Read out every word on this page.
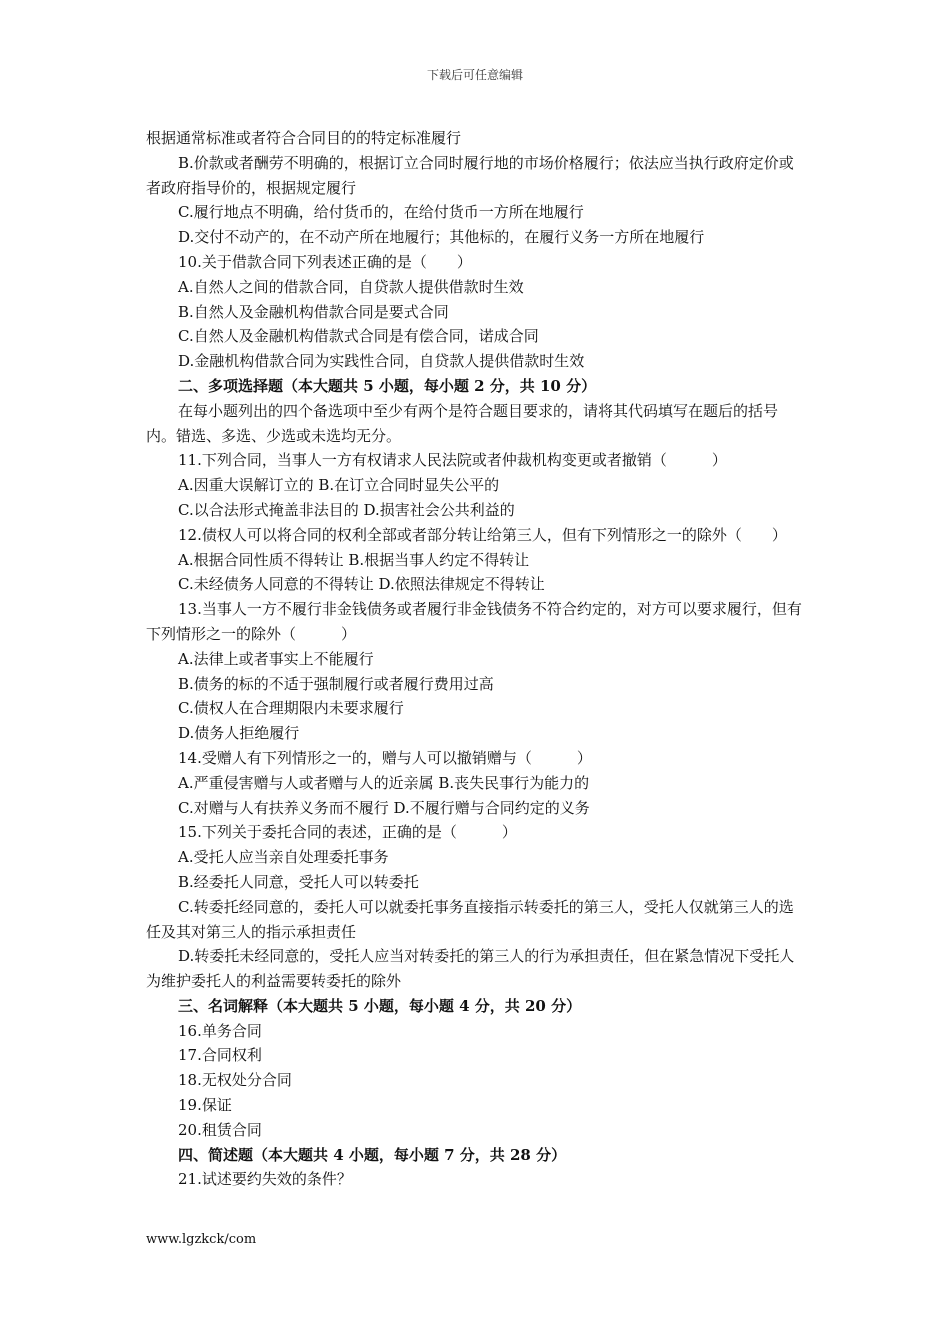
下载后可任意编辑

根据通常标准或者符合合同目的的特定标准履行

B.价款或者酬劳不明确的，根据订立合同时履行地的市场价格履行；依法应当执行政府定价或者政府指导价的，根据规定履行

C.履行地点不明确，给付货币的，在给付货币一方所在地履行

D.交付不动产的，在不动产所在地履行；其他标的，在履行义务一方所在地履行

10.关于借款合同下列表述正确的是（　　）

A.自然人之间的借款合同，自贷款人提供借款时生效

B.自然人及金融机构借款合同是要式合同

C.自然人及金融机构借款式合同是有偿合同，诺成合同

D.金融机构借款合同为实践性合同，自贷款人提供借款时生效

二、多项选择题（本大题共 5 小题，每小题 2 分，共 10 分）

在每小题列出的四个备选项中至少有两个是符合题目要求的，请将其代码填写在题后的括号内。错选、多选、少选或未选均无分。

11.下列合同，当事人一方有权请求人民法院或者仲裁机构变更或者撤销（　　　）

A.因重大误解订立的 B.在订立合同时显失公平的

C.以合法形式掩盖非法目的 D.损害社会公共利益的

12.债权人可以将合同的权利全部或者部分转让给第三人，但有下列情形之一的除外（　　）

A.根据合同性质不得转让 B.根据当事人约定不得转让

C.未经债务人同意的不得转让 D.依照法律规定不得转让

13.当事人一方不履行非金钱债务或者履行非金钱债务不符合约定的，对方可以要求履行，但有下列情形之一的除外（　　　）

A.法律上或者事实上不能履行

B.债务的标的不适于强制履行或者履行费用过高

C.债权人在合理期限内未要求履行

D.债务人拒绝履行

14.受赠人有下列情形之一的，赠与人可以撤销赠与（　　　）

A.严重侵害赠与人或者赠与人的近亲属 B.丧失民事行为能力的

C.对赠与人有扶养义务而不履行 D.不履行赠与合同约定的义务

15.下列关于委托合同的表述，正确的是（　　　）

A.受托人应当亲自处理委托事务

B.经委托人同意，受托人可以转委托

C.转委托经同意的，委托人可以就委托事务直接指示转委托的第三人，受托人仅就第三人的选任及其对第三人的指示承担责任

D.转委托未经同意的，受托人应当对转委托的第三人的行为承担责任，但在紧急情况下受托人为维护委托人的利益需要转委托的除外

三、名词解释（本大题共 5 小题，每小题 4 分，共 20 分）

16.单务合同

17.合同权利

18.无权处分合同

19.保证

20.租赁合同

四、简述题（本大题共 4 小题，每小题 7 分，共 28 分）

21.试述要约失效的条件？

www.lgzkck/com
